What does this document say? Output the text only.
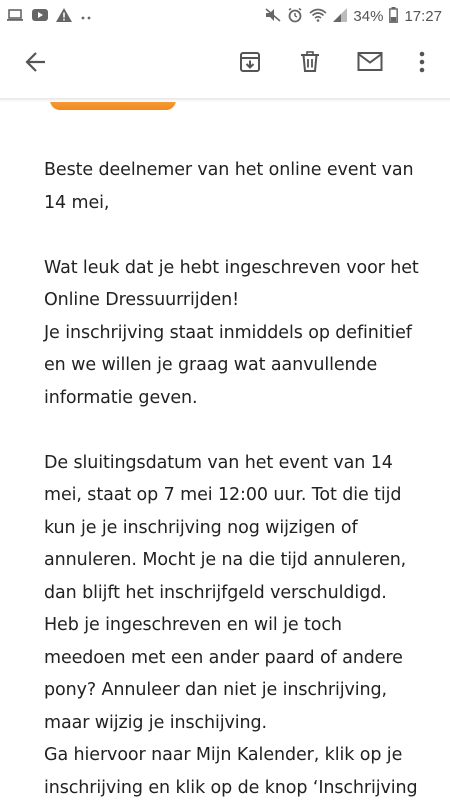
34% 17:27
Beste deelnemer van het online event van
14 mei,
Wat leuk dat je hebt ingeschreven voor het
Online Dressuurrijden!
Je inschrijving staat inmiddels op definitief
en we willen je graag wat aanvullende
informatie geven.
De sluitingsdatum van het event van 14
mei, staat op 7 mei 12:00 uur. Tot die tijd
kun je je inschrijving nog wijzigen of
annuleren. Mocht je na die tijd annuleren,
dan blijft het inschrijfgeld verschuldigd.
Heb je ingeschreven en wil je toch
meedoen met een ander paard of andere
pony? Annuleer dan niet je inschrijving,
maar wijzig je inschijving.
Ga hiervoor naar Mijn Kalender, klik op je
inschrijving en klik op de knop ‘Inschrijving
